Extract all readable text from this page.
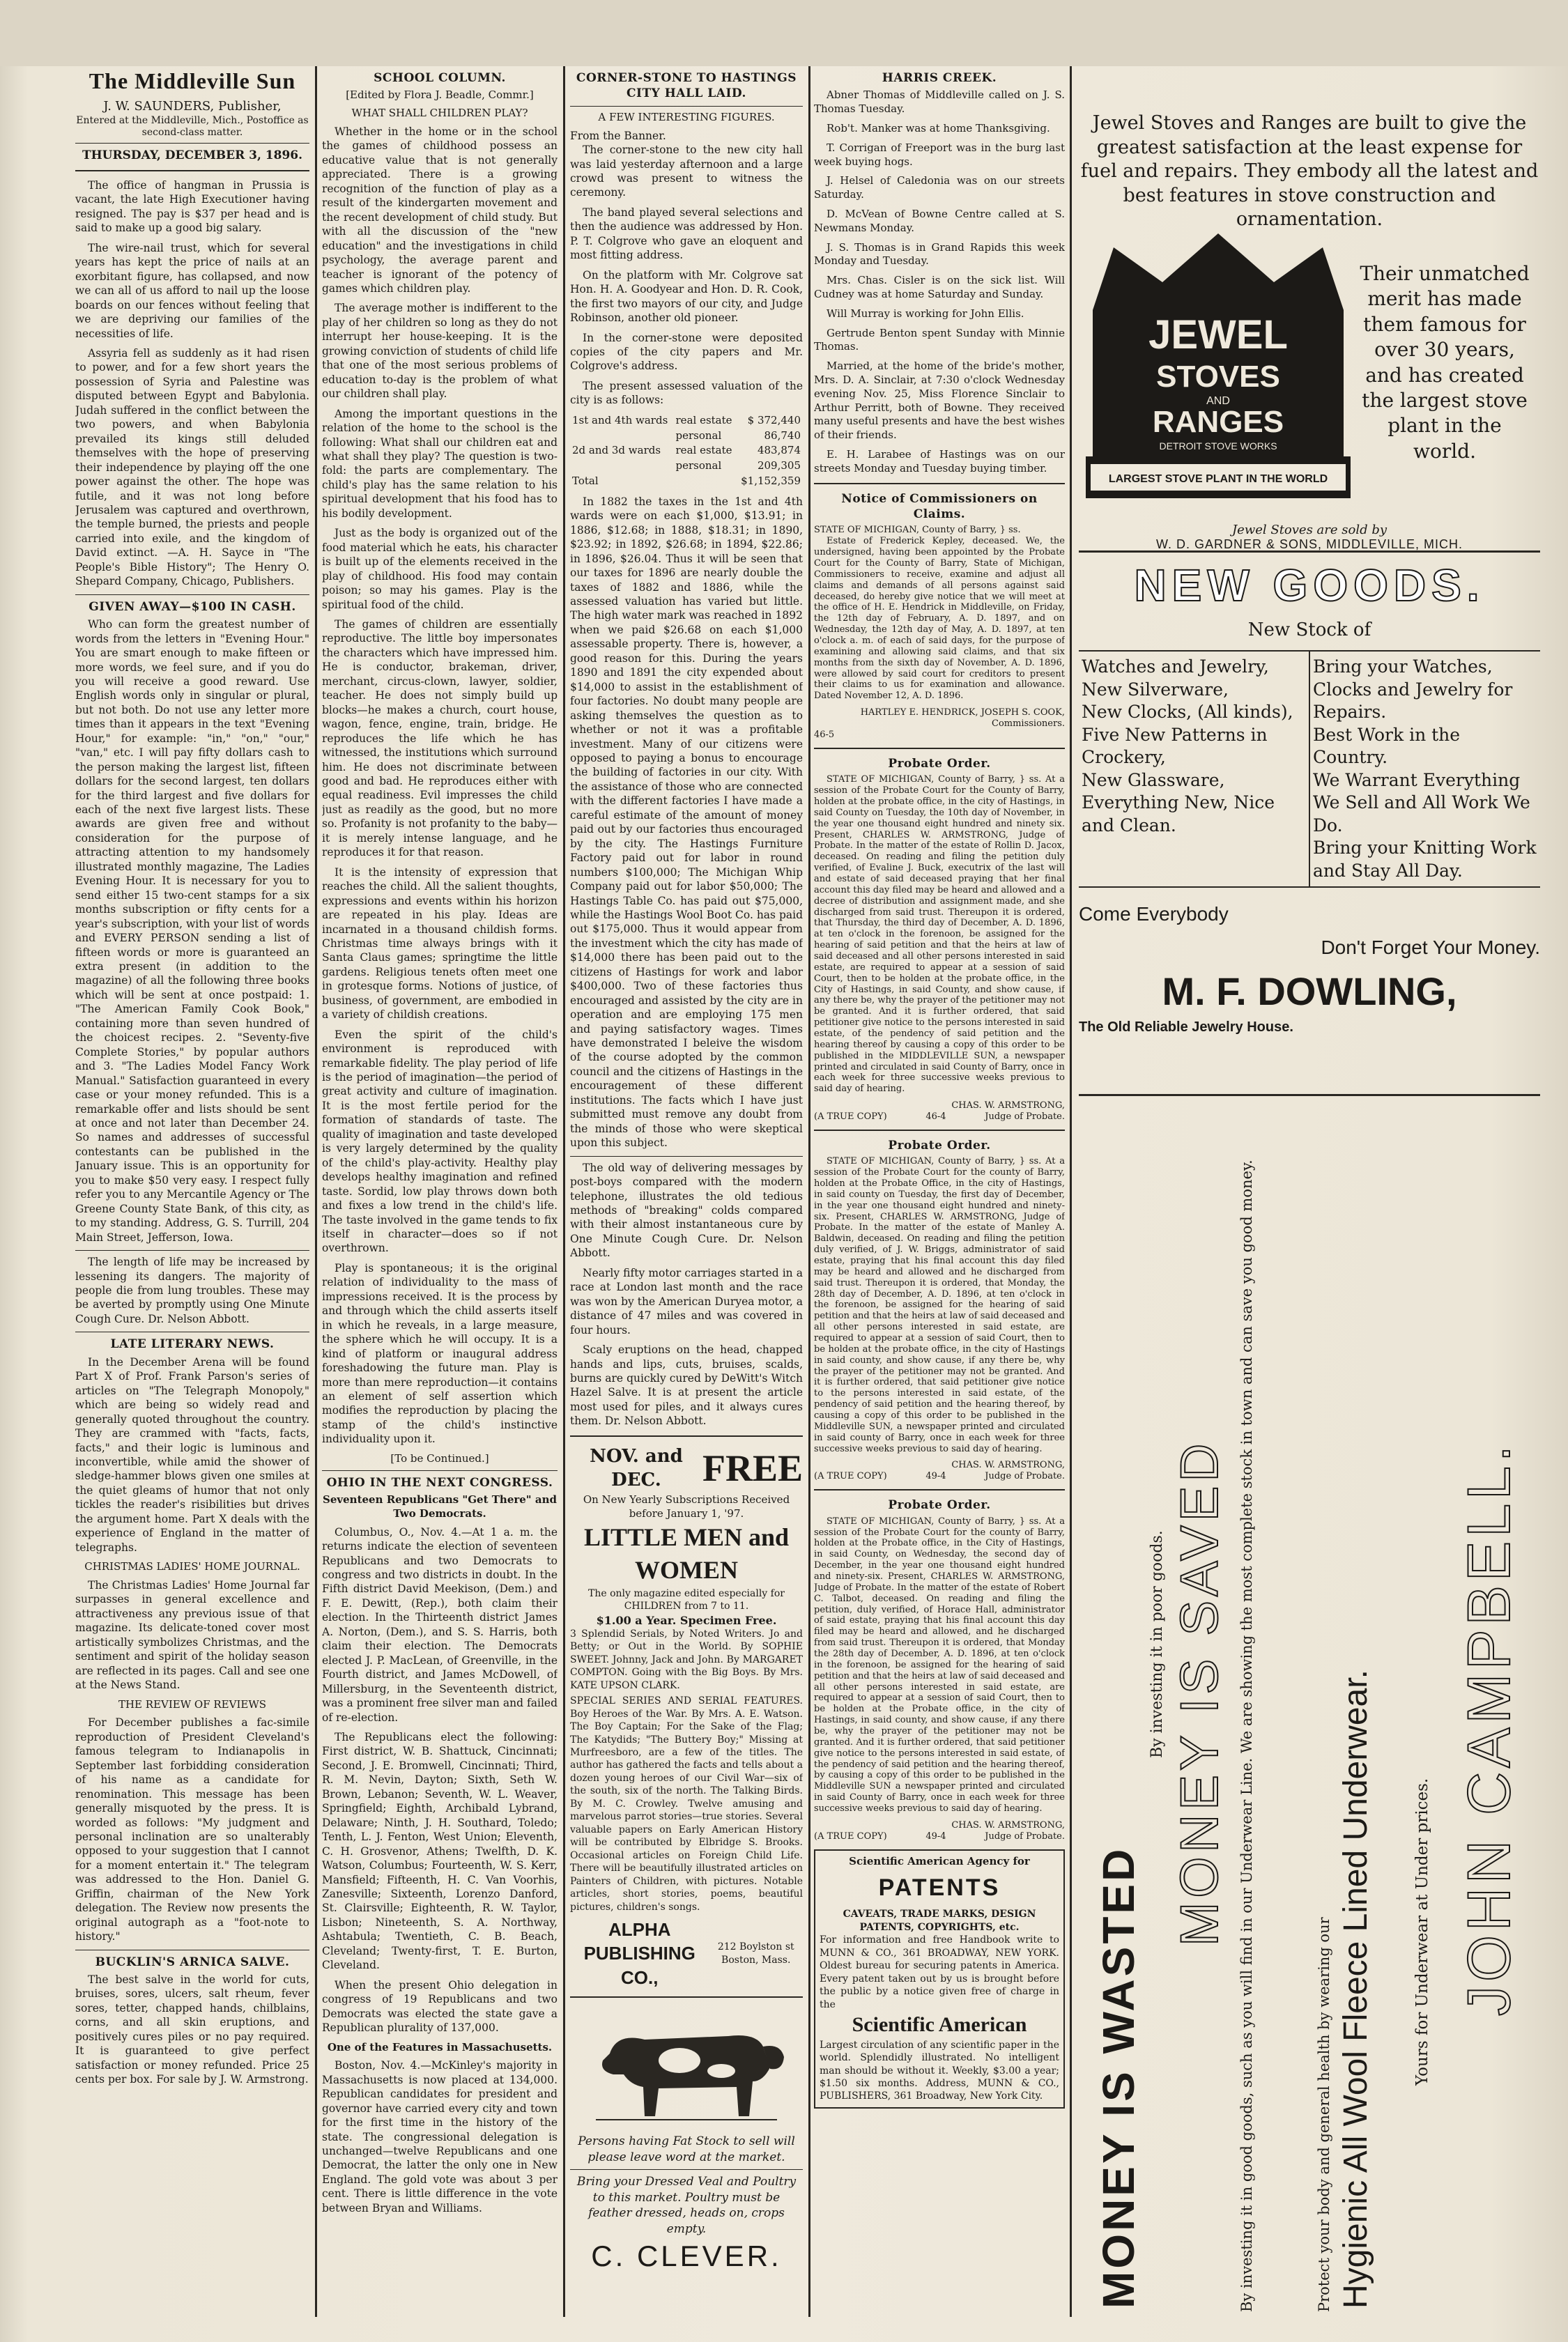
The Middleville Sun
J. W. SAUNDERS, Publisher,
Entered at the Middleville, Mich., Postoffice as second-class matter.
THURSDAY, DECEMBER 3, 1896.

The office of hangman in Prussia is vacant, the late High Executioner having resigned. The pay is $37 per head and is said to make up a good big salary.

The wire-nail trust, which for several years has kept the price of nails at an exorbitant figure, has collapsed, and now we can all of us afford to nail up the loose boards on our fences without feeling that we are depriving our families of the necessities of life.

Assyria fell as suddenly as it had risen to power, and for a few short years the possession of Syria and Palestine was disputed between Egypt and Babylonia. Judah suffered in the conflict between the two powers, and when Babylonia prevailed its kings still deluded themselves with the hope of preserving their independence by playing off the one power against the other. The hope was futile, and it was not long before Jerusalem was captured and overthrown, the temple burned, the priests and people carried into exile, and the kingdom of David extinct. —A. H. Sayce in "The People's Bible History"; The Henry O. Shepard Company, Chicago, Publishers.

GIVEN AWAY—$100 IN CASH.

Who can form the greatest number of words from the letters in "Evening Hour." You are smart enough to make fifteen or more words, we feel sure, and if you do you will receive a good reward. Use English words only in singular or plural, but not both. Do not use any letter more times than it appears in the text "Evening Hour," for example: "in," "on," "our," "van," etc. I will pay fifty dollars cash to the person making the largest list, fifteen dollars for the second largest, ten dollars for the third largest and five dollars for each of the next five largest lists. These awards are given free and without consideration for the purpose of attracting attention to my handsomely illustrated monthly magazine, The Ladies Evening Hour. It is necessary for you to send either 15 two-cent stamps for a six months subscription or fifty cents for a year's subscription, with your list of words and EVERY PERSON sending a list of fifteen words or more is guaranteed an extra present (in addition to the magazine) of all the following three books which will be sent at once postpaid: 1. "The American Family Cook Book," containing more than seven hundred of the choicest recipes. 2. "Seventy-five Complete Stories," by popular authors and 3. "The Ladies Model Fancy Work Manual." Satisfaction guaranteed in every case or your money refunded. This is a remarkable offer and lists should be sent at once and not later than December 24. So names and addresses of successful contestants can be published in the January issue. This is an opportunity for you to make $50 very easy. I respect fully refer you to any Mercantile Agency or The Greene County State Bank, of this city, as to my standing. Address, G. S. Turrill, 204 Main Street, Jefferson, Iowa.

The length of life may be increased by lessening its dangers. The majority of people die from lung troubles. These may be averted by promptly using One Minute Cough Cure. Dr. Nelson Abbott.

LATE LITERARY NEWS.

In the December Arena will be found Part X of Prof. Frank Parson's series of articles on "The Telegraph Monopoly," which are being so widely read and generally quoted throughout the country. They are crammed with "facts, facts, facts," and their logic is luminous and inconvertible, while amid the shower of sledge-hammer blows given one smiles at the quiet gleams of humor that not only tickles the reader's risibilities but drives the argument home. Part X deals with the experience of England in the matter of telegraphs.

CHRISTMAS LADIES' HOME JOURNAL.

The Christmas Ladies' Home Journal far surpasses in general excellence and attractiveness any previous issue of that magazine. Its delicate-toned cover most artistically symbolizes Christmas, and the sentiment and spirit of the holiday season are reflected in its pages. Call and see one at the News Stand.

THE REVIEW OF REVIEWS

For December publishes a fac-simile reproduction of President Cleveland's famous telegram to Indianapolis in September last forbidding consideration of his name as a candidate for renomination. This message has been generally misquoted by the press. It is worded as follows: "My judgment and personal inclination are so unalterably opposed to your suggestion that I cannot for a moment entertain it." The telegram was addressed to the Hon. Daniel G. Griffin, chairman of the New York delegation. The Review now presents the original autograph as a "foot-note to history."

BUCKLIN'S ARNICA SALVE.

The best salve in the world for cuts, bruises, sores, ulcers, salt rheum, fever sores, tetter, chapped hands, chilblains, corns, and all skin eruptions, and positively cures piles or no pay required. It is guaranteed to give perfect satisfaction or money refunded. Price 25 cents per box. For sale by J. W. Armstrong.

SCHOOL COLUMN.
[Edited by Flora J. Beadle, Commr.]
WHAT SHALL CHILDREN PLAY?

Whether in the home or in the school the games of childhood possess an educative value that is not generally appreciated. There is a growing recognition of the function of play as a result of the kindergarten movement and the recent development of child study. But with all the discussion of the "new education" and the investigations in child psychology, the average parent and teacher is ignorant of the potency of games which children play.

The average mother is indifferent to the play of her children so long as they do not interrupt her house-keeping. It is the growing conviction of students of child life that one of the most serious problems of education to-day is the problem of what our children shall play.

Among the important questions in the relation of the home to the school is the following: What shall our children eat and what shall they play? The question is two-fold: the parts are complementary. The child's play has the same relation to his spiritual development that his food has to his bodily development.

Just as the body is organized out of the food material which he eats, his character is built up of the elements received in the play of childhood. His food may contain poison; so may his games. Play is the spiritual food of the child.

The games of children are essentially reproductive. The little boy impersonates the characters which have impressed him. He is conductor, brakeman, driver, merchant, circus-clown, lawyer, soldier, teacher. He does not simply build up blocks—he makes a church, court house, wagon, fence, engine, train, bridge. He reproduces the life which he has witnessed, the institutions which surround him. He does not discriminate between good and bad. He reproduces either with equal readiness. Evil impresses the child just as readily as the good, but no more so. Profanity is not profanity to the baby—it is merely intense language, and he reproduces it for that reason.

It is the intensity of expression that reaches the child. All the salient thoughts, expressions and events within his horizon are repeated in his play. Ideas are incarnated in a thousand childish forms. Christmas time always brings with it Santa Claus games; springtime the little gardens. Religious tenets often meet one in grotesque forms. Notions of justice, of business, of government, are embodied in a variety of childish creations.

Even the spirit of the child's environment is reproduced with remarkable fidelity. The play period of life is the period of imagination—the period of great activity and culture of imagination. It is the most fertile period for the formation of standards of taste. The quality of imagination and taste developed is very largely determined by the quality of the child's play-activity. Healthy play develops healthy imagination and refined taste. Sordid, low play throws down both and fixes a low trend in the child's life. The taste involved in the game tends to fix itself in character—does so if not overthrown.

Play is spontaneous; it is the original relation of individuality to the mass of impressions received. It is the process by and through which the child asserts itself in which he reveals, in a large measure, the sphere which he will occupy. It is a kind of platform or inaugural address foreshadowing the future man. Play is more than mere reproduction—it contains an element of self assertion which modifies the reproduction by placing the stamp of the child's instinctive individuality upon it.

[To be Continued.]
OHIO IN THE NEXT CONGRESS.
Seventeen Republicans "Get There" and Two Democrats.

Columbus, O., Nov. 4.—At 1 a. m. the returns indicate the election of seventeen Republicans and two Democrats to congress and two districts in doubt. In the Fifth district David Meekison, (Dem.) and F. E. Dewitt, (Rep.), both claim their election. In the Thirteenth district James A. Norton, (Dem.), and S. S. Harris, both claim their election. The Democrats elected J. P. MacLean, of Greenville, in the Fourth district, and James McDowell, of Millersburg, in the Seventeenth district, was a prominent free silver man and failed of re-election.

The Republicans elect the following: First district, W. B. Shattuck, Cincinnati; Second, J. E. Bromwell, Cincinnati; Third, R. M. Nevin, Dayton; Sixth, Seth W. Brown, Lebanon; Seventh, W. L. Weaver, Springfield; Eighth, Archibald Lybrand, Delaware; Ninth, J. H. Southard, Toledo; Tenth, L. J. Fenton, West Union; Eleventh, C. H. Grosvenor, Athens; Twelfth, D. K. Watson, Columbus; Fourteenth, W. S. Kerr, Mansfield; Fifteenth, H. C. Van Voorhis, Zanesville; Sixteenth, Lorenzo Danford, St. Clairsville; Eighteenth, R. W. Taylor, Lisbon; Nineteenth, S. A. Northway, Ashtabula; Twentieth, C. B. Beach, Cleveland; Twenty-first, T. E. Burton, Cleveland.

When the present Ohio delegation in congress of 19 Republicans and two Democrats was elected the state gave a Republican plurality of 137,000.

One of the Features in Massachusetts.

Boston, Nov. 4.—McKinley's majority in Massachusetts is now placed at 134,000. Republican candidates for president and governor have carried every city and town for the first time in the history of the state. The congressional delegation is unchanged—twelve Republicans and one Democrat, the latter the only one in New England. The gold vote was about 3 per cent. There is little difference in the vote between Bryan and Williams.

CORNER-STONE TO HASTINGS CITY HALL LAID.
A FEW INTERESTING FIGURES.
From the Banner.

The corner-stone to the new city hall was laid yesterday afternoon and a large crowd was present to witness the ceremony.

The band played several selections and then the audience was addressed by Hon. P. T. Colgrove who gave an eloquent and most fitting address.

On the platform with Mr. Colgrove sat Hon. H. A. Goodyear and Hon. D. R. Cook, the first two mayors of our city, and Judge Robinson, another old pioneer.

In the corner-stone were deposited copies of the city papers and Mr. Colgrove's address.

The present assessed valuation of the city is as follows:

1st and 4th wards	real estate	$ 372,440
	personal	86,740
2d and 3d wards	real estate	483,874
	personal	209,305
Total		$1,152,359

In 1882 the taxes in the 1st and 4th wards were on each $1,000, $13.91; in 1886, $12.68; in 1888, $18.31; in 1890, $23.92; in 1892, $26.68; in 1894, $22.86; in 1896, $26.04. Thus it will be seen that our taxes for 1896 are nearly double the taxes of 1882 and 1886, while the assessed valuation has varied but little. The high water mark was reached in 1892 when we paid $26.68 on each $1,000 assessable property. There is, however, a good reason for this. During the years 1890 and 1891 the city expended about $14,000 to assist in the establishment of four factories. No doubt many people are asking themselves the question as to whether or not it was a profitable investment. Many of our citizens were opposed to paying a bonus to encourage the building of factories in our city. With the assistance of those who are connected with the different factories I have made a careful estimate of the amount of money paid out by our factories thus encouraged by the city. The Hastings Furniture Factory paid out for labor in round numbers $100,000; The Michigan Whip Company paid out for labor $50,000; The Hastings Table Co. has paid out $75,000, while the Hastings Wool Boot Co. has paid out $175,000. Thus it would appear from the investment which the city has made of $14,000 there has been paid out to the citizens of Hastings for work and labor $400,000. Two of these factories thus encouraged and assisted by the city are in operation and are employing 175 men and paying satisfactory wages. Times have demonstrated I beleive the wisdom of the course adopted by the common council and the citizens of Hastings in the encouragement of these different institutions. The facts which I have just submitted must remove any doubt from the minds of those who were skeptical upon this subject.

The old way of delivering messages by post-boys compared with the modern telephone, illustrates the old tedious methods of "breaking" colds compared with their almost instantaneous cure by One Minute Cough Cure. Dr. Nelson Abbott.

Nearly fifty motor carriages started in a race at London last month and the race was won by the American Duryea motor, a distance of 47 miles and was covered in four hours.

Scaly eruptions on the head, chapped hands and lips, cuts, bruises, scalds, burns are quickly cured by DeWitt's Witch Hazel Salve. It is at present the article most used for piles, and it always cures them. Dr. Nelson Abbott.

NOV. and DEC.	FREE
On New Yearly Subscriptions Received before January 1, '97.
LITTLE MEN and WOMEN
The only magazine edited especially for CHILDREN from 7 to 11.
$1.00 a Year. Specimen Free.
3 Splendid Serials, by Noted Writers. Jo and Betty; or Out in the World. By SOPHIE SWEET. Johnny, Jack and John. By MARGARET COMPTON. Going with the Big Boys. By Mrs. KATE UPSON CLARK.
SPECIAL SERIES AND SERIAL FEATURES. Boy Heroes of the War. By Mrs. A. E. Watson. The Boy Captain; For the Sake of the Flag; The Katydids; "The Buttery Boy;" Missing at Murfreesboro, are a few of the titles. The author has gathered the facts and tells about a dozen young heroes of our Civil War—six of the south, six of the north. The Talking Birds. By M. C. Crowley. Twelve amusing and marvelous parrot stories—true stories. Several valuable papers on Early American History will be contributed by Elbridge S. Brooks. Occasional articles on Foreign Child Life. There will be beautifully illustrated articles on Painters of Children, with pictures. Notable articles, short stories, poems, beautiful pictures, children's songs.
ALPHA PUBLISHING CO.,
212 Boylston st Boston, Mass.
Persons having Fat Stock to sell will please leave word at the market.
Bring your Dressed Veal and Poultry to this market. Poultry must be feather dressed, heads on, crops empty.
C. CLEVER.
HARRIS CREEK.

Abner Thomas of Middleville called on J. S. Thomas Tuesday.

Rob't. Manker was at home Thanksgiving.

T. Corrigan of Freeport was in the burg last week buying hogs.

J. Helsel of Caledonia was on our streets Saturday.

D. McVean of Bowne Centre called at S. Newmans Monday.

J. S. Thomas is in Grand Rapids this week Monday and Tuesday.

Mrs. Chas. Cisler is on the sick list. Will Cudney was at home Saturday and Sunday.

Will Murray is working for John Ellis.

Gertrude Benton spent Sunday with Minnie Thomas.

Married, at the home of the bride's mother, Mrs. D. A. Sinclair, at 7:30 o'clock Wednesday evening Nov. 25, Miss Florence Sinclair to Arthur Perritt, both of Bowne. They received many useful presents and have the best wishes of their friends.

E. H. Larabee of Hastings was on our streets Monday and Tuesday buying timber.

Notice of Commissioners on Claims.
STATE OF MICHIGAN, County of Barry, } ss.

Estate of Frederick Kepley, deceased. We, the undersigned, having been appointed by the Probate Court for the County of Barry, State of Michigan, Commissioners to receive, examine and adjust all claims and demands of all persons against said deceased, do hereby give notice that we will meet at the office of H. E. Hendrick in Middleville, on Friday, the 12th day of February, A. D. 1897, and on Wednesday, the 12th day of May, A. D. 1897, at ten o'clock a. m. of each of said days, for the purpose of examining and allowing said claims, and that six months from the sixth day of November, A. D. 1896, were allowed by said court for creditors to present their claims to us for examination and allowance. Dated November 12, A. D. 1896.

HARTLEY E. HENDRICK, JOSEPH S. COOK, Commissioners.
46-5
Probate Order.

STATE OF MICHIGAN, County of Barry, } ss. At a session of the Probate Court for the County of Barry, holden at the probate office, in the city of Hastings, in said County on Tuesday, the 10th day of November, in the year one thousand eight hundred and ninety six. Present, CHARLES W. ARMSTRONG, Judge of Probate. In the matter of the estate of Rollin D. Jacox, deceased. On reading and filing the petition duly verified, of Evaline J. Buck, executrix of the last will and estate of said deceased praying that her final account this day filed may be heard and allowed and a decree of distribution and assignment made, and she discharged from said trust. Thereupon it is ordered, that Thursday, the third day of December, A. D. 1896, at ten o'clock in the forenoon, be assigned for the hearing of said petition and that the heirs at law of said deceased and all other persons interested in said estate, are required to appear at a session of said Court, then to be holden at the probate office, in the City of Hastings, in said County, and show cause, if any there be, why the prayer of the petitioner may not be granted. And it is further ordered, that said petitioner give notice to the persons interested in said estate, of the pendency of said petition and the hearing thereof by causing a copy of this order to be published in the MIDDLEVILLE SUN, a newspaper printed and circulated in said County of Barry, once in each week for three successive weeks previous to said day of hearing.

CHAS. W. ARMSTRONG,
(A TRUE COPY)	46-4	Judge of Probate.
Probate Order.

STATE OF MICHIGAN, County of Barry, } ss. At a session of the Probate Court for the county of Barry, holden at the Probate Office, in the city of Hastings, in said county on Tuesday, the first day of December, in the year one thousand eight hundred and ninety-six. Present, CHARLES W. ARMSTRONG, Judge of Probate. In the matter of the estate of Manley A. Baldwin, deceased. On reading and filing the petition duly verified, of J. W. Briggs, administrator of said estate, praying that his final account this day filed may be heard and allowed and he discharged from said trust. Thereupon it is ordered, that Monday, the 28th day of December, A. D. 1896, at ten o'clock in the forenoon, be assigned for the hearing of said petition and that the heirs at law of said deceased and all other persons interested in said estate, are required to appear at a session of said Court, then to be holden at the probate office, in the city of Hastings in said county, and show cause, if any there be, why the prayer of the petitioner may not be granted. And it is further ordered, that said petitioner give notice to the persons interested in said estate, of the pendency of said petition and the hearing thereof, by causing a copy of this order to be published in the Middleville SUN, a newspaper printed and circulated in said county of Barry, once in each week for three successive weeks previous to said day of hearing.

CHAS. W. ARMSTRONG,
(A TRUE COPY)	49-4	Judge of Probate.
Probate Order.

STATE OF MICHIGAN, County of Barry, } ss. At a session of the Probate Court for the county of Barry, holden at the Probate office, in the City of Hastings, in said County, on Wednesday, the second day of December, in the year one thousand eight hundred and ninety-six. Present, CHARLES W. ARMSTRONG, Judge of Probate. In the matter of the estate of Robert C. Talbot, deceased. On reading and filing the petition, duly verified, of Horace Hall, administrator of said estate, praying that his final account this day filed may be heard and allowed, and he discharged from said trust. Thereupon it is ordered, that Monday the 28th day of December, A. D. 1896, at ten o'clock in the forenoon, be assigned for the hearing of said petition and that the heirs at law of said deceased and all other persons interested in said estate, are required to appear at a session of said Court, then to be holden at the Probate office, in the city of Hastings, in said county, and show cause, if any there be, why the prayer of the petitioner may not be granted. And it is further ordered, that said petitioner give notice to the persons interested in said estate, of the pendency of said petition and the hearing thereof, by causing a copy of this order to be published in the Middleville SUN a newspaper printed and circulated in said County of Barry, once in each week for three successive weeks previous to said day of hearing.

CHAS. W. ARMSTRONG,
(A TRUE COPY)	49-4	Judge of Probate.
Scientific American Agency for
PATENTS
CAVEATS, TRADE MARKS, DESIGN PATENTS, COPYRIGHTS, etc.
For information and free Handbook write to MUNN & CO., 361 BROADWAY, NEW YORK. Oldest bureau for securing patents in America. Every patent taken out by us is brought before the public by a notice given free of charge in the
Scientific American
Largest circulation of any scientific paper in the world. Splendidly illustrated. No intelligent man should be without it. Weekly, $3.00 a year; $1.50 six months. Address, MUNN & CO., PUBLISHERS, 361 Broadway, New York City.
Jewel Stoves and Ranges are built to give the greatest satisfaction at the least expense for fuel and repairs. They embody all the latest and best features in stove construction and ornamentation.
JEWEL
STOVES
AND
RANGES
DETROIT STOVE WORKS
LARGEST STOVE PLANT IN THE WORLD
Their unmatched merit has made them famous for over 30 years, and has created the largest stove plant in the world.
Jewel Stoves are sold by
W. D. GARDNER & SONS, MIDDLEVILLE, MICH.
NEW GOODS.
New Stock of
Watches and Jewelry,
New Silverware,
New Clocks, (All kinds),
Five New Patterns in Crockery,
New Glassware,
Everything New, Nice and Clean.
Bring your Watches, Clocks and Jewelry for Repairs.
Best Work in the Country.
We Warrant Everything
We Sell and All Work We Do.
Bring your Knitting Work and Stay All Day.
Come Everybody
Don't Forget Your Money.
M. F. DOWLING,
The Old Reliable Jewelry House.
MONEY IS WASTED
By investing it in poor goods. MONEY IS SAVED By investing it in good goods, such as you will find in our Underwear Line. We are showing the most complete stock in town and can save you good money.	Protect your body and general health by wearing our Hygienic All Wool Fleece Lined Underwear. Yours for Underwear at Under prices. JOHN CAMPBELL.
